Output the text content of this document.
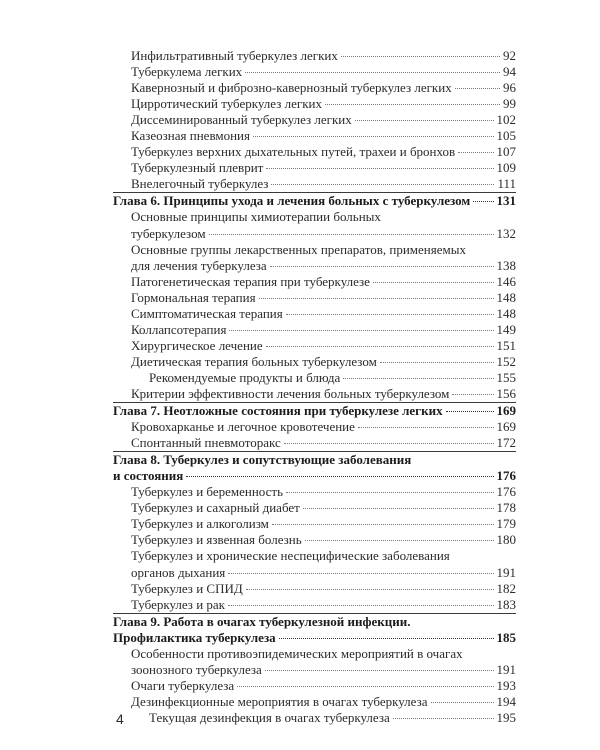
Инфильтративный туберкулез легких	92
Туберкулема легких	94
Кавернозный и фиброзно-кавернозный туберкулез легких	96
Цирротический туберкулез легких	99
Диссеминированный туберкулез легких	102
Казеозная пневмония	105
Туберкулез верхних дыхательных путей, трахеи и бронхов	107
Туберкулезный плеврит	109
Внелегочный туберкулез	111
Глава 6. Принципы ухода и лечения больных с туберкулезом 131
Основные принципы химиотерапии больных
туберкулезом	132
Основные группы лекарственных препаратов, применяемых
для лечения туберкулеза	138
Патогенетическая терапия при туберкулезе	146
Гормональная терапия	148
Симптоматическая терапия	148
Коллапсотерапия	149
Хирургическое лечение	151
Диетическая терапия больных туберкулезом	152
Рекомендуемые продукты и блюда	155
Критерии эффективности лечения больных туберкулезом	156
Глава 7. Неотложные состояния при туберкулезе легких	169
Кровохарканье и легочное кровотечение	169
Спонтанный пневмоторакс	172
Глава 8. Туберкулез и сопутствующие заболевания
и состояния	176
Туберкулез и беременность	176
Туберкулез и сахарный диабет	178
Туберкулез и алкоголизм	179
Туберкулез и язвенная болезнь	180
Туберкулез и хронические неспецифические заболевания
органов дыхания	191
Туберкулез и СПИД	182
Туберкулез и рак	183
Глава 9. Работа в очагах туберкулезной инфекции.
Профилактика туберкулеза	185
Особенности противоэпидемических мероприятий в очагах
зоонозного туберкулеза	191
Очаги туберкулеза	193
Дезинфекционные мероприятия в очагах туберкулеза	194
Текущая дезинфекция в очагах туберкулеза	195
4
